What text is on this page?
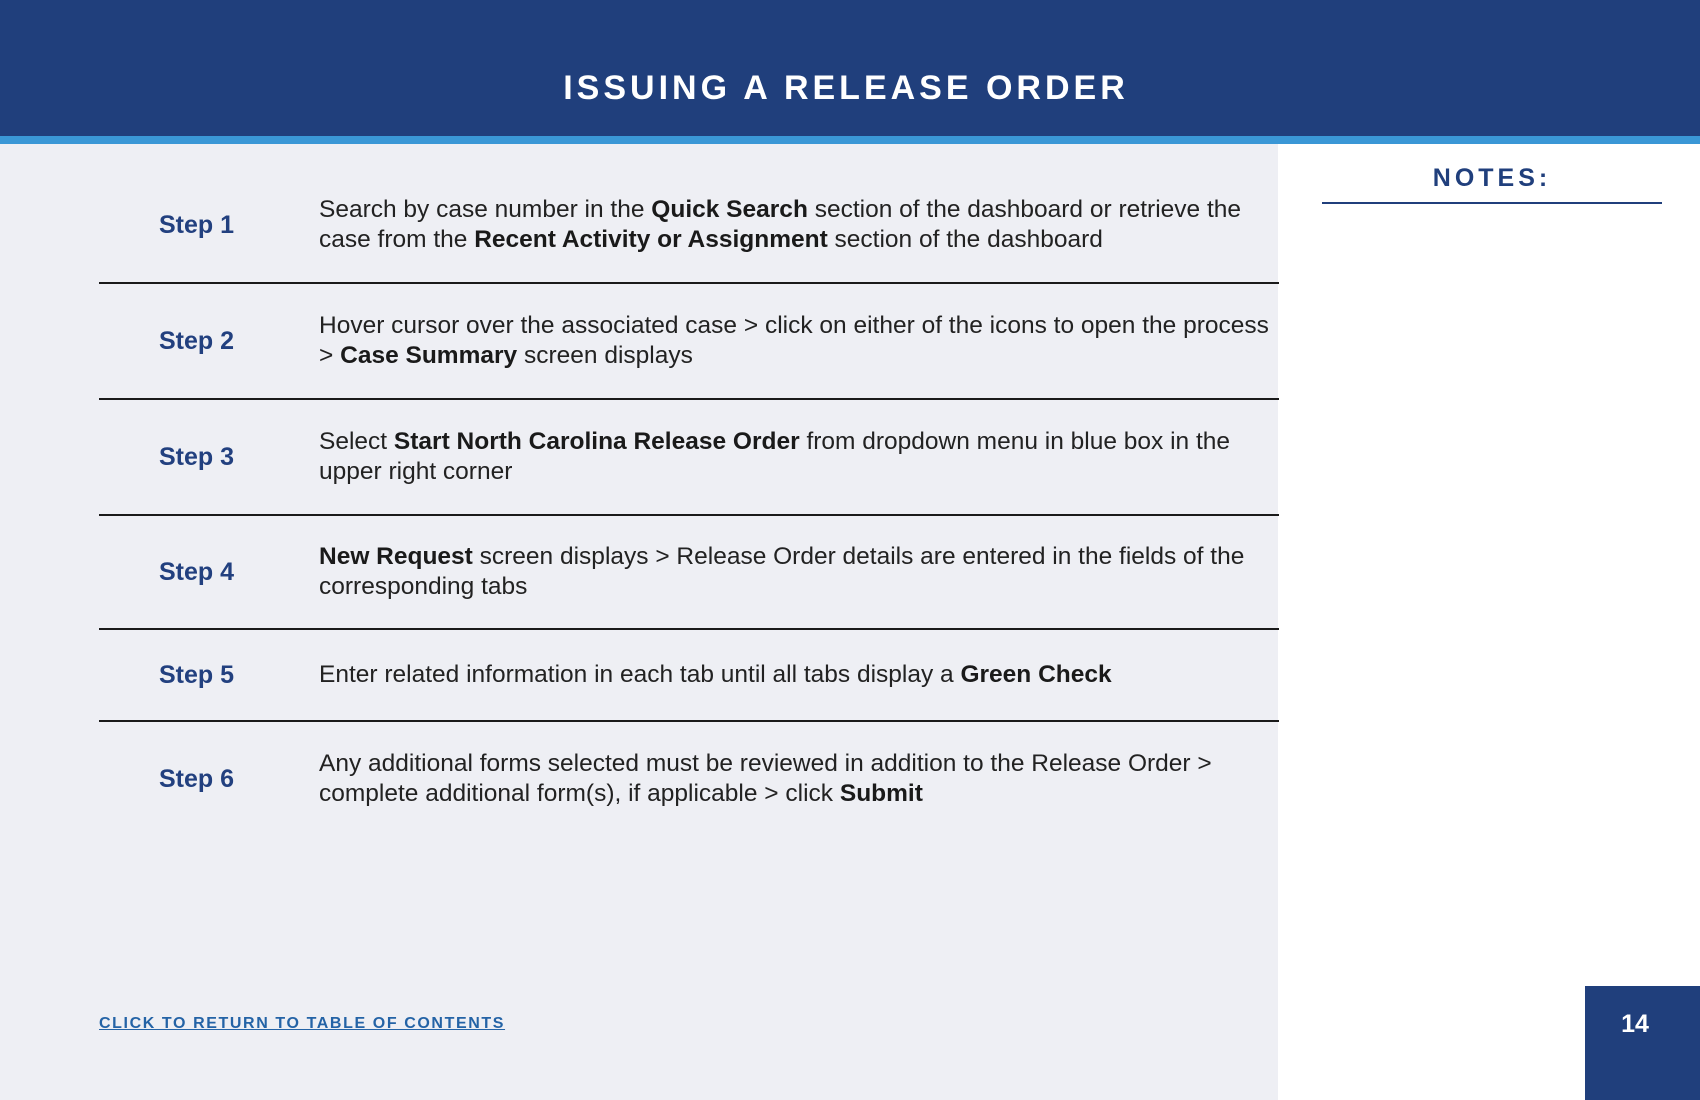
ISSUING A RELEASE ORDER
Step 1
Search by case number in the Quick Search section of the dashboard or retrieve the case from the Recent Activity or Assignment section of the dashboard
Step 2
Hover cursor over the associated case > click on either of the icons to open the process > Case Summary screen displays
Step 3
Select Start North Carolina Release Order from dropdown menu in blue box in the upper right corner
Step 4
New Request screen displays > Release Order details are entered in the fields of the corresponding tabs
Step 5	Enter related information in each tab until all tabs display a Green Check
Step 6
Any additional forms selected must be reviewed in addition to the Release Order > complete additional form(s), if applicable > click Submit
CLICK TO RETURN TO TABLE OF CONTENTS
NOTES:
14
